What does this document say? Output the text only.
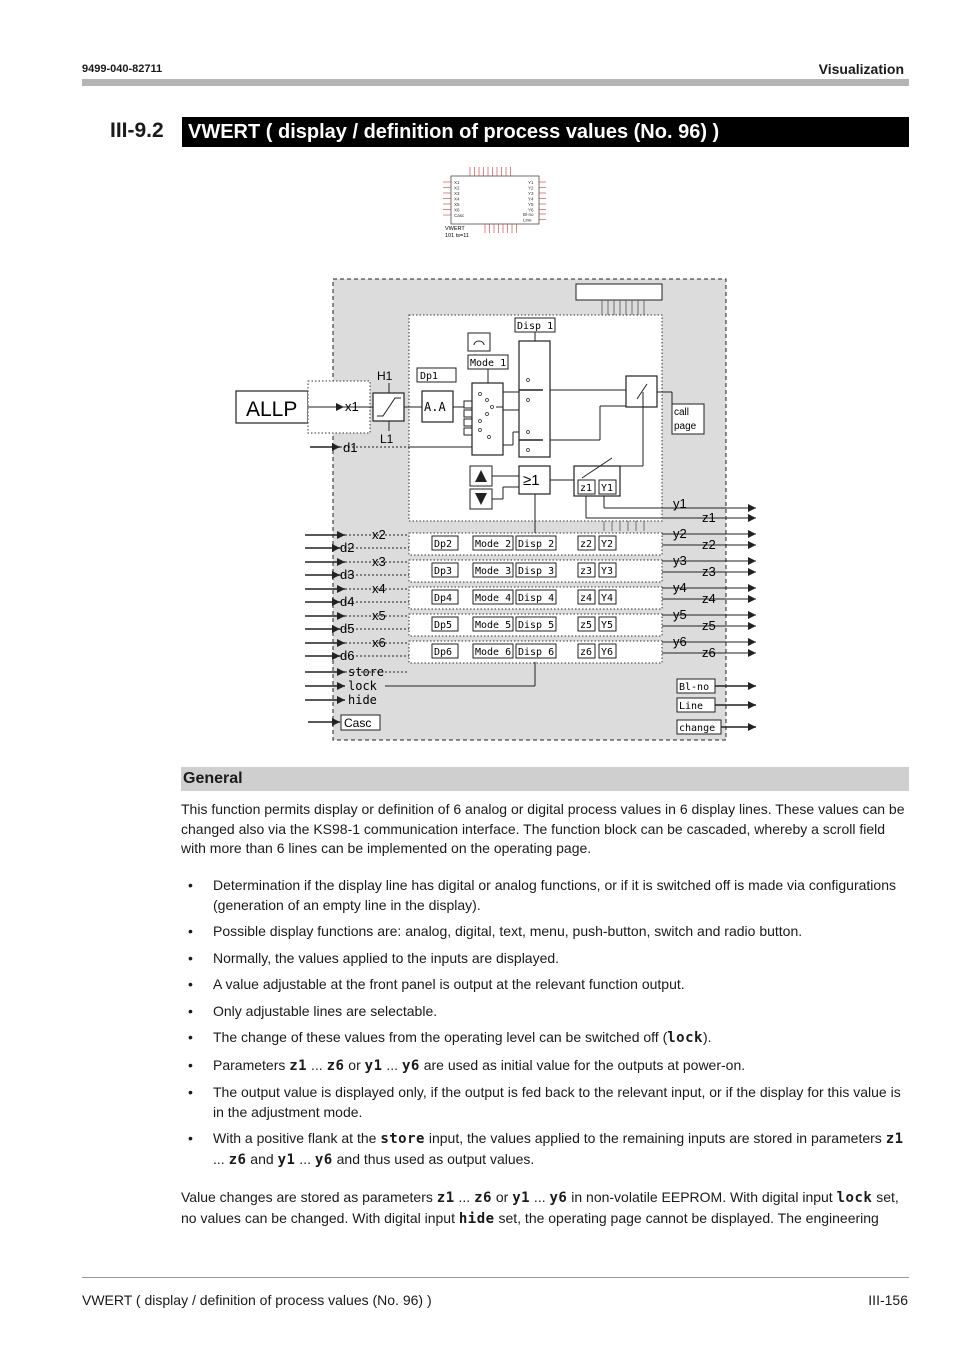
9499-040-82711	Visualization
III-9.2	VWERT ( display / definition of process values (No. 96) )
X1
X2
X3
X4
X5
X6
Casc
Y1
Y2
Y3
Y4
Y5
Y6
Bl-no
Line
VWERT
101 ts=11
ALLP	x1
H1
L1
d1
Dp1
A.A
Mode 1
Disp 1
call
page
≥1	z1 Y1
y1
z1
x2
d2	Dp2 Mode 2 Disp 2	z2 Y2
y2
z2
x3
d3	Dp3 Mode 3 Disp 3	z3 Y3
y3
z3
x4
d4	Dp4 Mode 4 Disp 4	z4 Y4
y4
z4
x5
d5	Dp5 Mode 5 Disp 5	z5 Y5
y5
z5
x6
d6	Dp6 Mode 6 Disp 6	z6 Y6
y6
z6
store
lock
hide
Casc
Bl-no
Line
change
General
This function permits display or definition of 6 analog or digital process values in 6 display lines. These values can be changed also via the KS98-1 communication interface. The function block can be cascaded, whereby a scroll field with more than 6 lines can be implemented on the operating page.
• Determination if the display line has digital or analog functions, or if it is switched off is made via configurations (generation of an empty line in the display).
• Possible display functions are: analog, digital, text, menu, push-button, switch and radio button.
• Normally, the values applied to the inputs are displayed.
• A value adjustable at the front panel is output at the relevant function output.
• Only adjustable lines are selectable.
• The change of these values from the operating level can be switched off (lock).
• Parameters z1 ... z6 or y1 ... y6 are used as initial value for the outputs at power-on.
• The output value is displayed only, if the output is fed back to the relevant input, or if the display for this value is in the adjustment mode.
• With a positive flank at the store input, the values applied to the remaining inputs are stored in parameters z1 ... z6 and y1 ... y6 and thus used as output values.
Value changes are stored as parameters z1 ... z6 or y1 ... y6 in non-volatile EEPROM. With digital input lock set, no values can be changed. With digital input hide set, the operating page cannot be displayed. The engineering
VWERT ( display / definition of process values (No. 96) )	III-156
